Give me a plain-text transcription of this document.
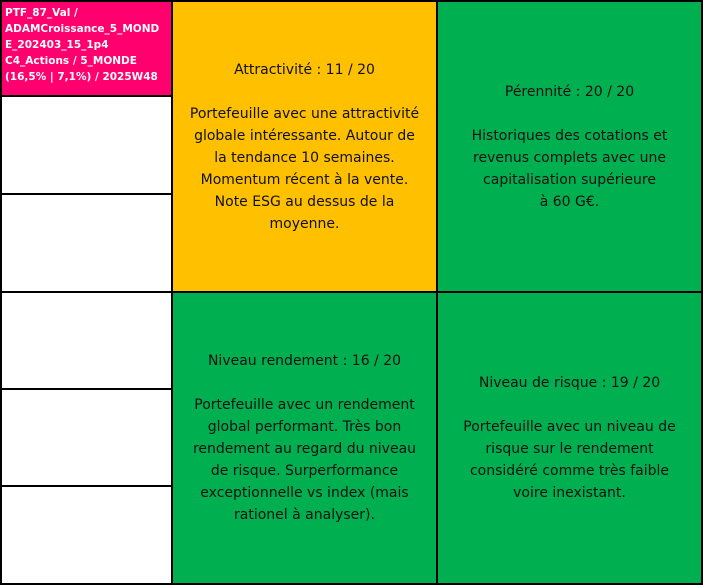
PTF_87_Val /
ADAMCroissance_5_MOND
E_202403_15_1p4
C4_Actions / 5_MONDE
(16,5% | 7,1%) / 2025W48	Attractivité : 11 / 20
Portefeuille avec une attractivité
globale intéressante. Autour de
la tendance 10 semaines.
Momentum récent à la vente.
Note ESG au dessus de la
moyenne.
Pérennité : 20 / 20
Historiques des cotations et
revenus complets avec une
capitalisation supérieure
à 60 G€.
Niveau rendement : 16 / 20
Portefeuille avec un rendement
global performant. Très bon
rendement au regard du niveau
de risque. Surperformance
exceptionnelle vs index (mais
rationel à analyser).
Niveau de risque : 19 / 20
Portefeuille avec un niveau de
risque sur le rendement
considéré comme très faible
voire inexistant.
